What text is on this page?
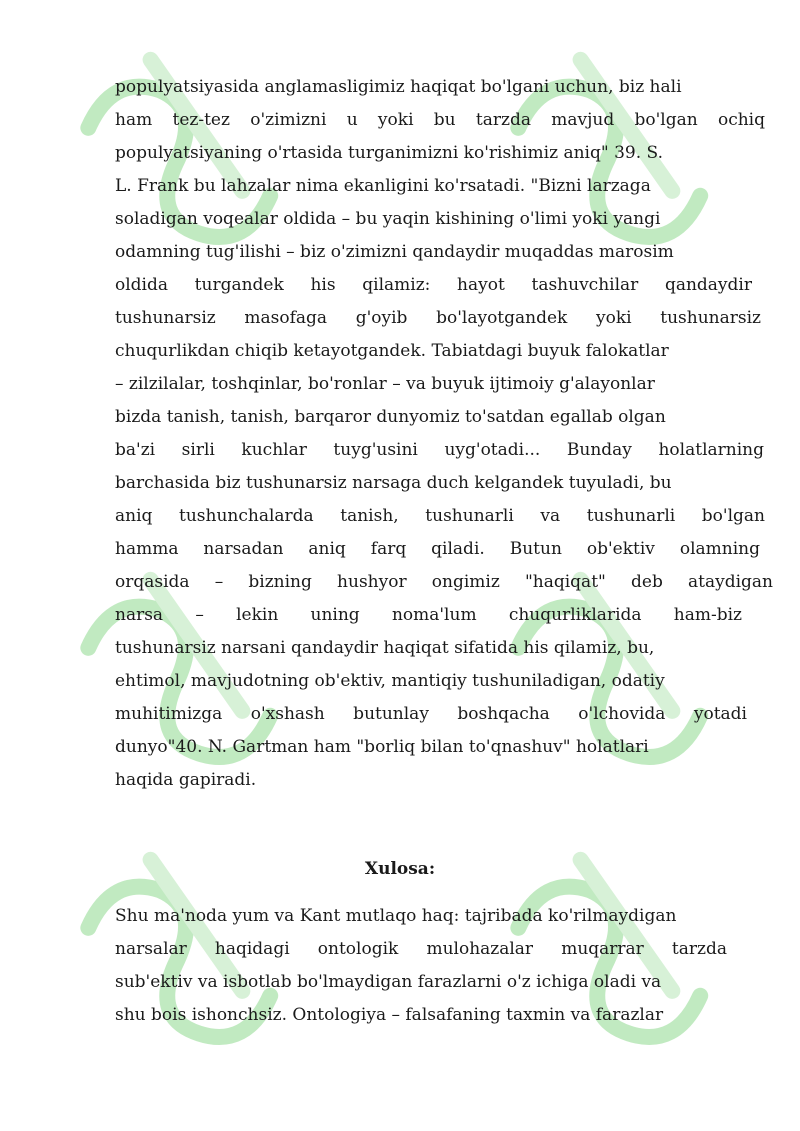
populyatsiyasida anglamasligimiz haqiqat bo'lgani uchun, biz hali
ham tez-tez o'zimizni u yoki bu tarzda mavjud bo'lgan ochiq
populyatsiyaning o'rtasida turganimizni ko'rishimiz aniq" 39. S.
L. Frank bu lahzalar nima ekanligini ko'rsatadi. "Bizni larzaga
soladigan voqealar oldida – bu yaqin kishining o'limi yoki yangi
odamning tug'ilishi – biz o'zimizni qandaydir muqaddas marosim
oldida turgandek his qilamiz: hayot tashuvchilar qandaydir
tushunarsiz masofaga g'oyib bo'layotgandek yoki tushunarsiz
chuqurlikdan chiqib ketayotgandek. Tabiatdagi buyuk falokatlar
– zilzilalar, toshqinlar, bo'ronlar – va buyuk ijtimoiy g'alayonlar
bizda tanish, tanish, barqaror dunyomiz to'satdan egallab olgan
ba'zi sirli kuchlar tuyg'usini uyg'otadi... Bunday holatlarning
barchasida biz tushunarsiz narsaga duch kelgandek tuyuladi, bu
aniq tushunchalarda tanish, tushunarli va tushunarli bo'lgan
hamma narsadan aniq farq qiladi. Butun ob'ektiv olamning
orqasida – bizning hushyor ongimiz "haqiqat" deb ataydigan
narsa – lekin uning noma'lum chuqurliklarida ham-biz
tushunarsiz narsani qandaydir haqiqat sifatida his qilamiz, bu,
ehtimol, mavjudotning ob'ektiv, mantiqiy tushuniladigan, odatiy
muhitimizga o'xshash butunlay boshqacha o'lchovida yotadi
dunyo"40. N. Gartman ham "borliq bilan to'qnashuv" holatlari
haqida gapiradi.
Xulosa:
Shu ma'noda yum va Kant mutlaqo haq: tajribada ko'rilmaydigan
narsalar haqidagi ontologik mulohazalar muqarrar tarzda
sub'ektiv va isbotlab bo'lmaydigan farazlarni o'z ichiga oladi va
shu bois ishonchsiz. Ontologiya – falsafaning taxmin va farazlar
